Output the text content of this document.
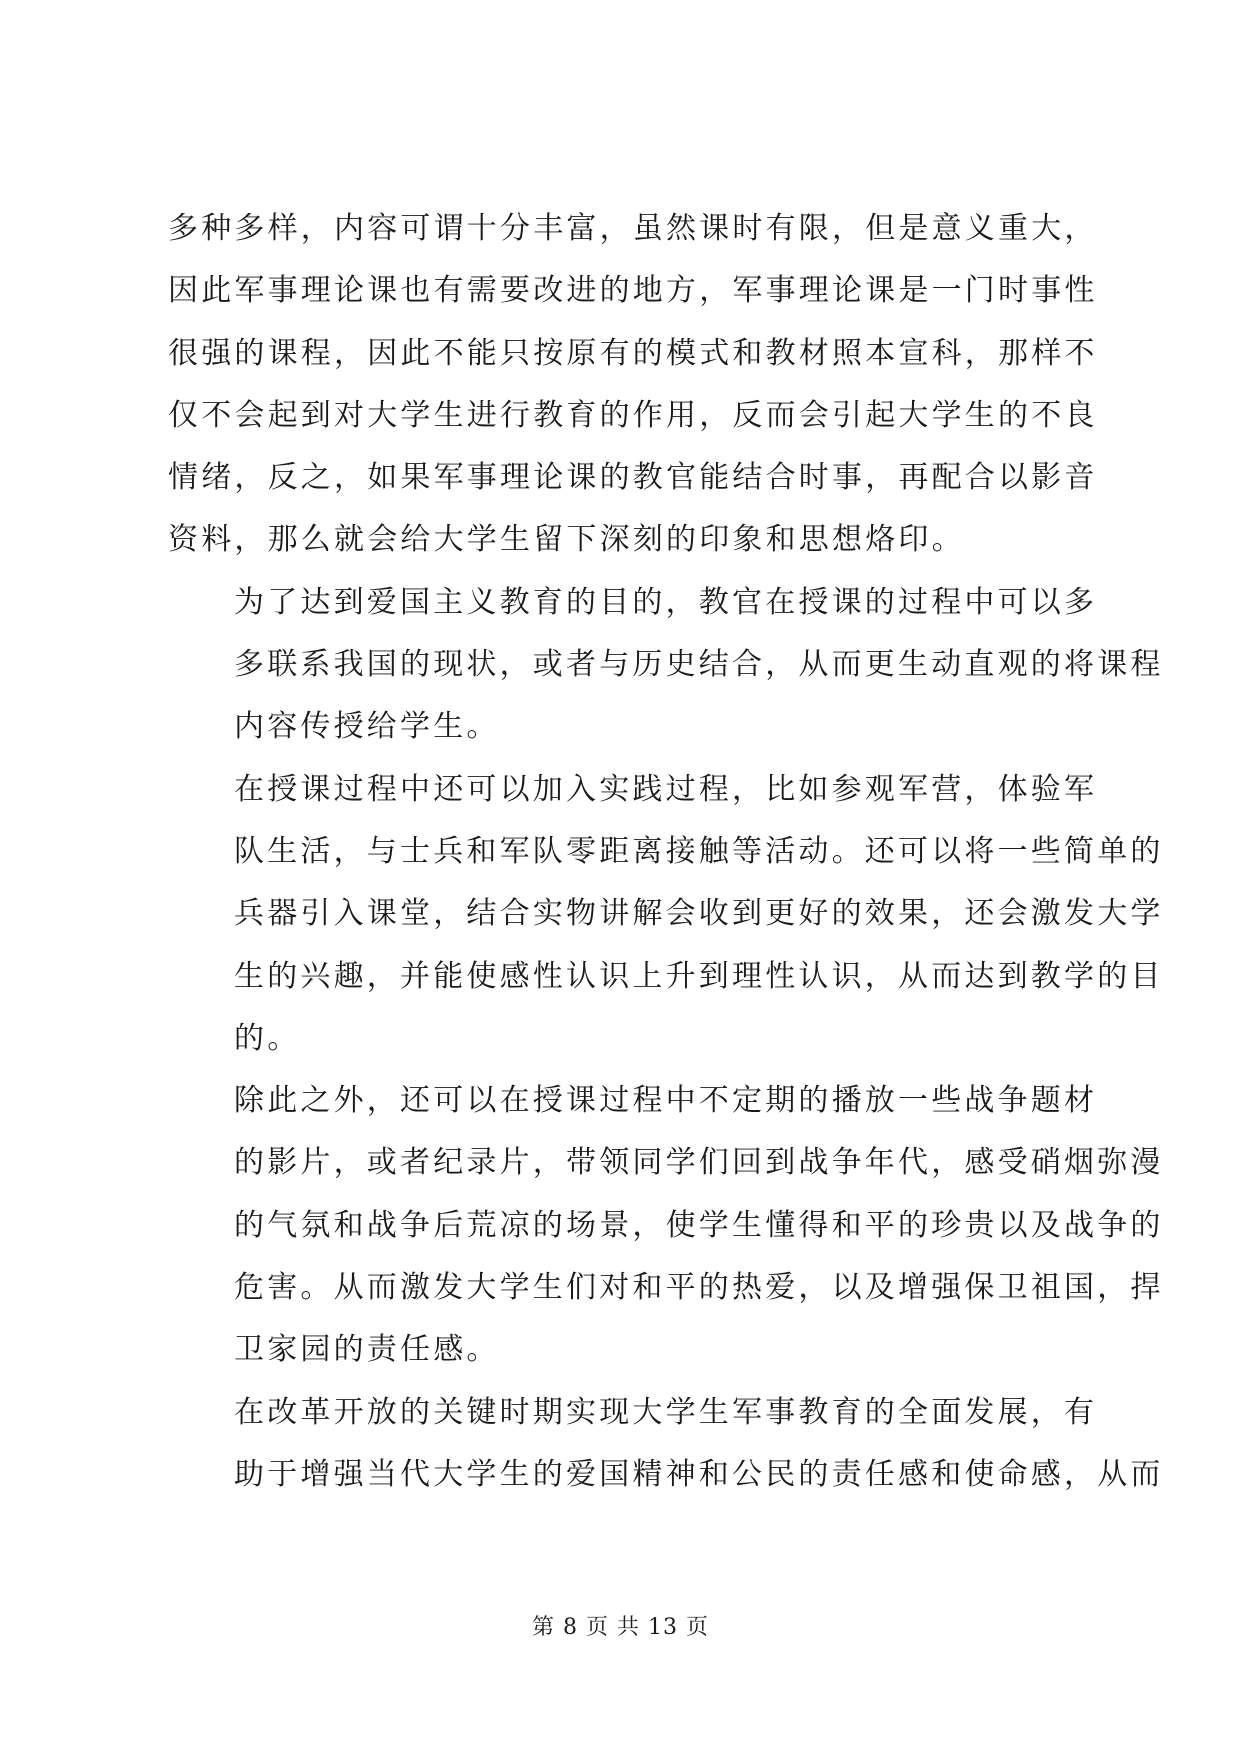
多种多样，内容可谓十分丰富，虽然课时有限，但是意义重大，
因此军事理论课也有需要改进的地方，军事理论课是一门时事性
很强的课程，因此不能只按原有的模式和教材照本宣科，那样不
仅不会起到对大学生进行教育的作用，反而会引起大学生的不良
情绪，反之，如果军事理论课的教官能结合时事，再配合以影音
资料，那么就会给大学生留下深刻的印象和思想烙印。

为了达到爱国主义教育的目的，教官在授课的过程中可以多
多联系我国的现状，或者与历史结合，从而更生动直观的将课程
内容传授给学生。

在授课过程中还可以加入实践过程，比如参观军营，体验军
队生活，与士兵和军队零距离接触等活动。还可以将一些简单的
兵器引入课堂，结合实物讲解会收到更好的效果，还会激发大学
生的兴趣，并能使感性认识上升到理性认识，从而达到教学的目
的。

除此之外，还可以在授课过程中不定期的播放一些战争题材
的影片，或者纪录片，带领同学们回到战争年代，感受硝烟弥漫
的气氛和战争后荒凉的场景，使学生懂得和平的珍贵以及战争的
危害。从而激发大学生们对和平的热爱，以及增强保卫祖国，捍
卫家园的责任感。

在改革开放的关键时期实现大学生军事教育的全面发展，有
助于增强当代大学生的爱国精神和公民的责任感和使命感，从而

第 8 页 共 13 页
